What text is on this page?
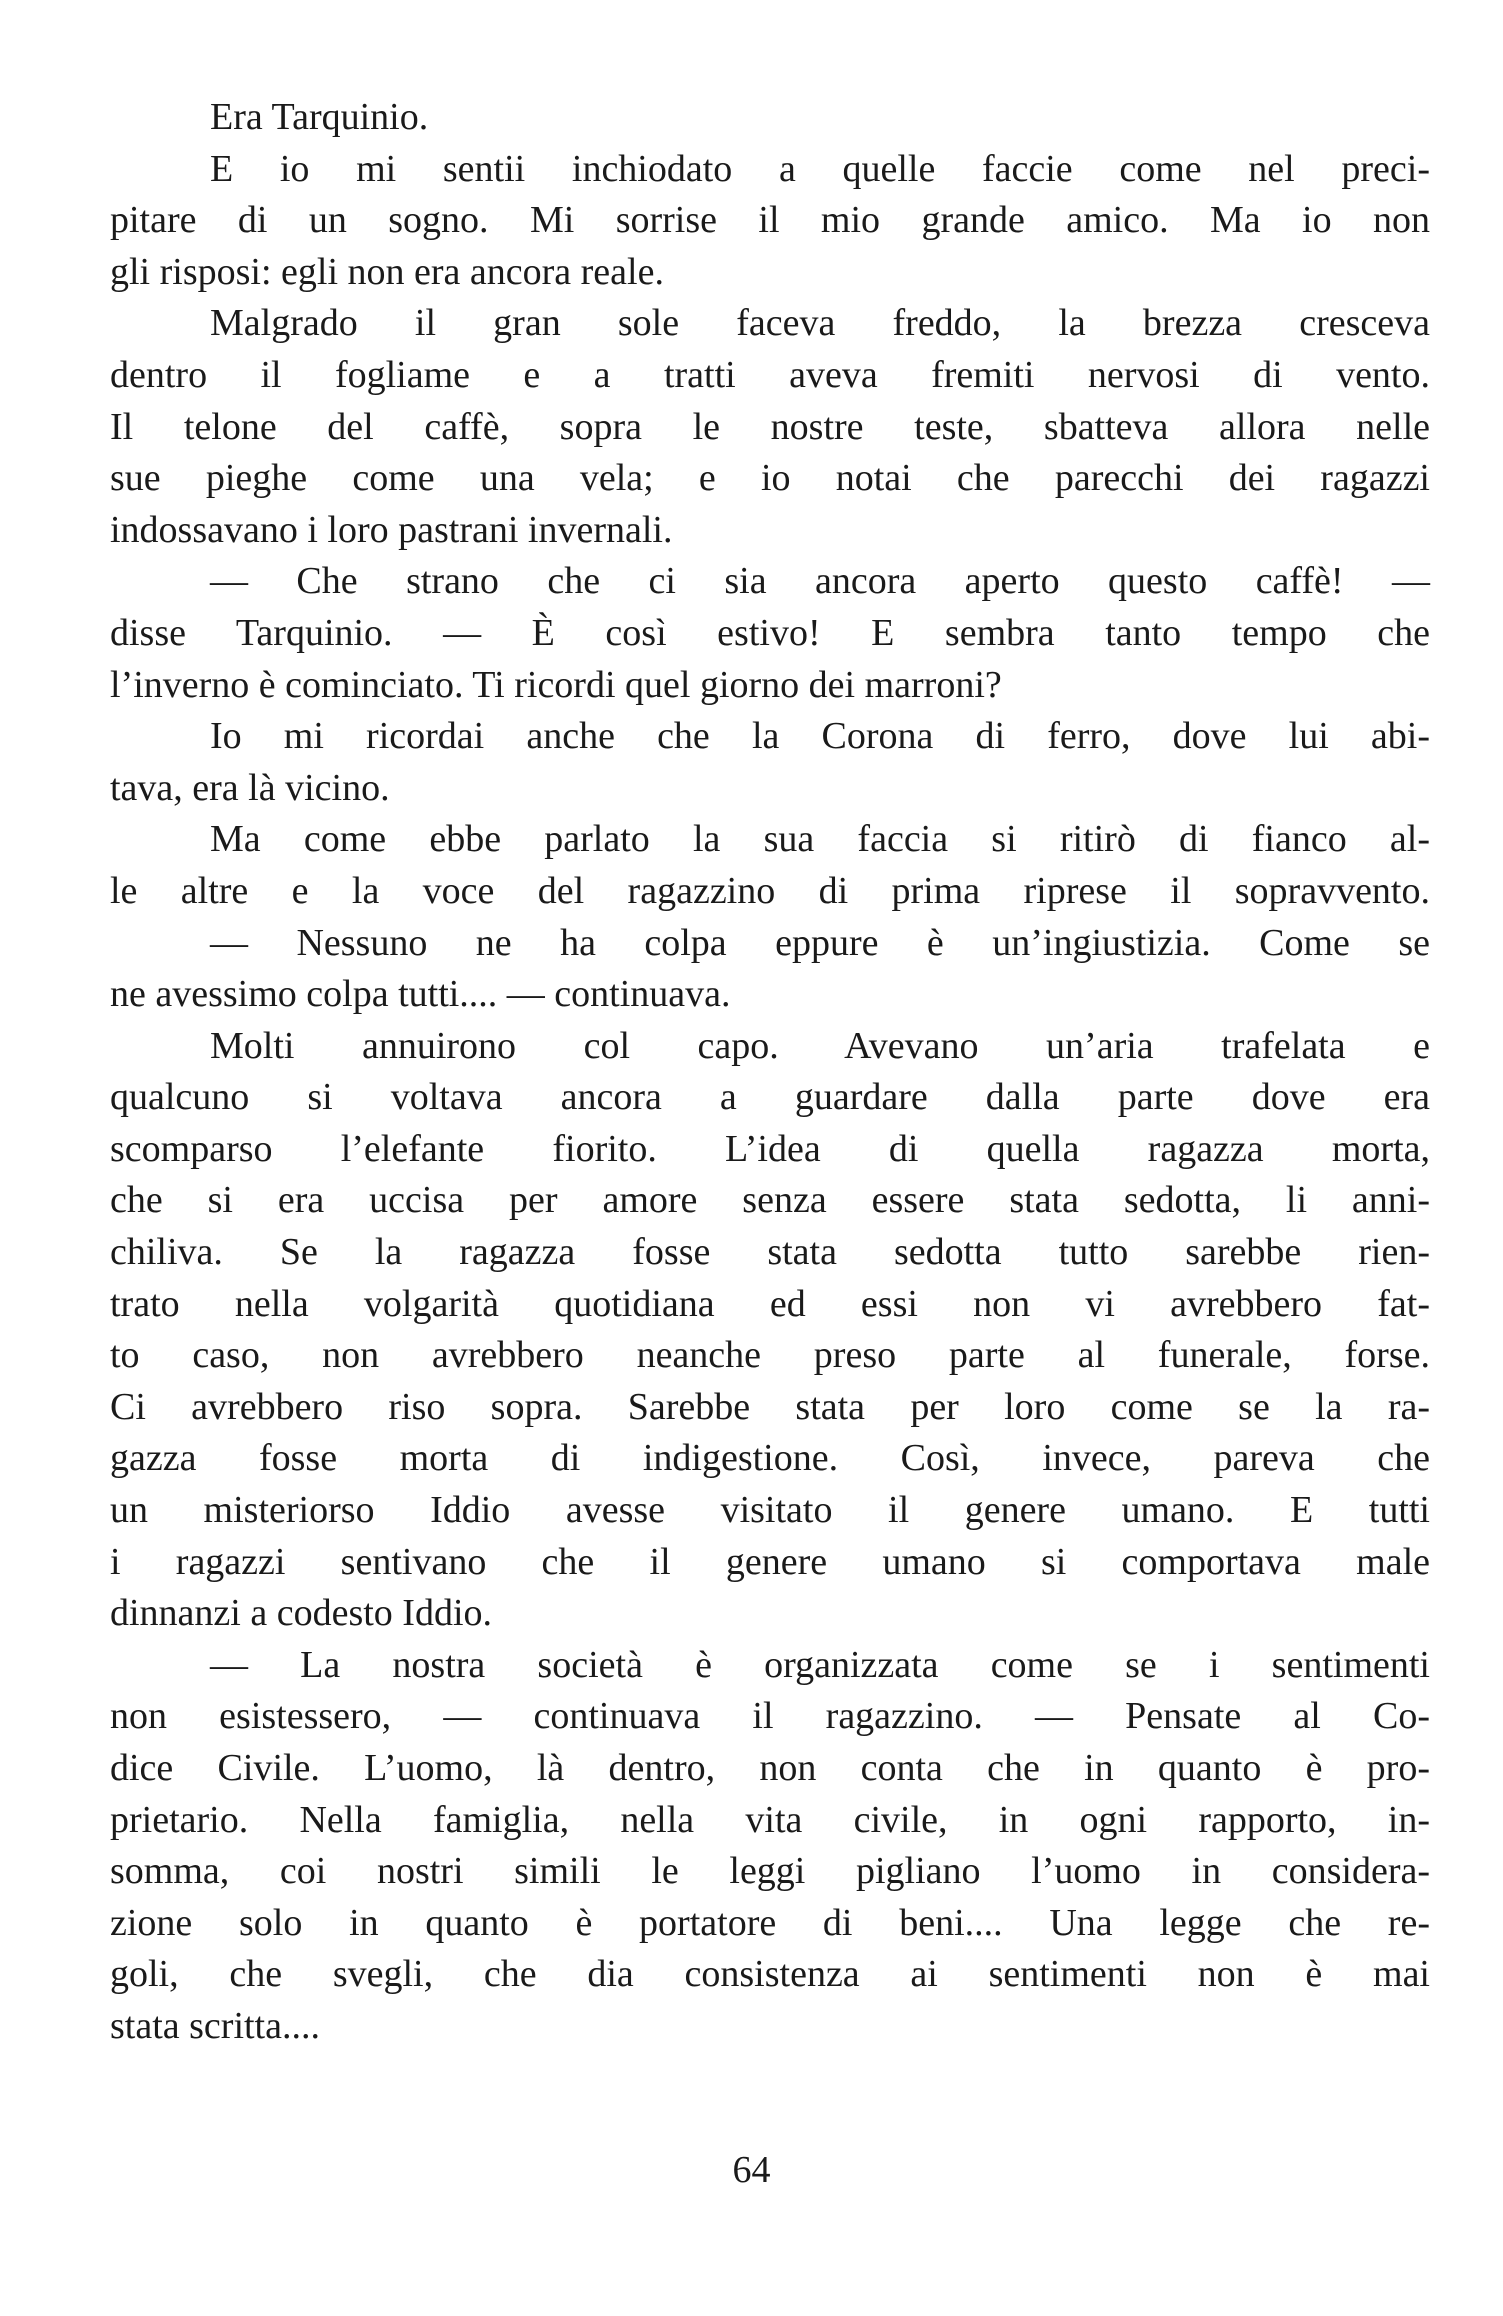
Era Tarquinio.
E io mi sentii inchiodato a quelle faccie come nel preci-
pitare di un sogno. Mi sorrise il mio grande amico. Ma io non
gli risposi: egli non era ancora reale.
Malgrado il gran sole faceva freddo, la brezza cresceva
dentro il fogliame e a tratti aveva fremiti nervosi di vento.
Il telone del caffè, sopra le nostre teste, sbatteva allora nelle
sue pieghe come una vela; e io notai che parecchi dei ragazzi
indossavano i loro pastrani invernali.
— Che strano che ci sia ancora aperto questo caffè! —
disse Tarquinio. — È così estivo! E sembra tanto tempo che
l’inverno è cominciato. Ti ricordi quel giorno dei marroni?
Io mi ricordai anche che la Corona di ferro, dove lui abi-
tava, era là vicino.
Ma come ebbe parlato la sua faccia si ritirò di fianco al-
le altre e la voce del ragazzino di prima riprese il sopravvento.
— Nessuno ne ha colpa eppure è un’ingiustizia. Come se
ne avessimo colpa tutti.... — continuava.
Molti annuirono col capo. Avevano un’aria trafelata e
qualcuno si voltava ancora a guardare dalla parte dove era
scomparso l’elefante fiorito. L’idea di quella ragazza morta,
che si era uccisa per amore senza essere stata sedotta, li anni-
chiliva. Se la ragazza fosse stata sedotta tutto sarebbe rien-
trato nella volgarità quotidiana ed essi non vi avrebbero fat-
to caso, non avrebbero neanche preso parte al funerale, forse.
Ci avrebbero riso sopra. Sarebbe stata per loro come se la ra-
gazza fosse morta di indigestione. Così, invece, pareva che
un misteriorso Iddio avesse visitato il genere umano. E tutti
i ragazzi sentivano che il genere umano si comportava male
dinnanzi a codesto Iddio.
— La nostra società è organizzata come se i sentimenti
non esistessero, — continuava il ragazzino. — Pensate al Co-
dice Civile. L’uomo, là dentro, non conta che in quanto è pro-
prietario. Nella famiglia, nella vita civile, in ogni rapporto, in-
somma, coi nostri simili le leggi pigliano l’uomo in considera-
zione solo in quanto è portatore di beni.... Una legge che re-
goli, che svegli, che dia consistenza ai sentimenti non è mai
stata scritta....
64
